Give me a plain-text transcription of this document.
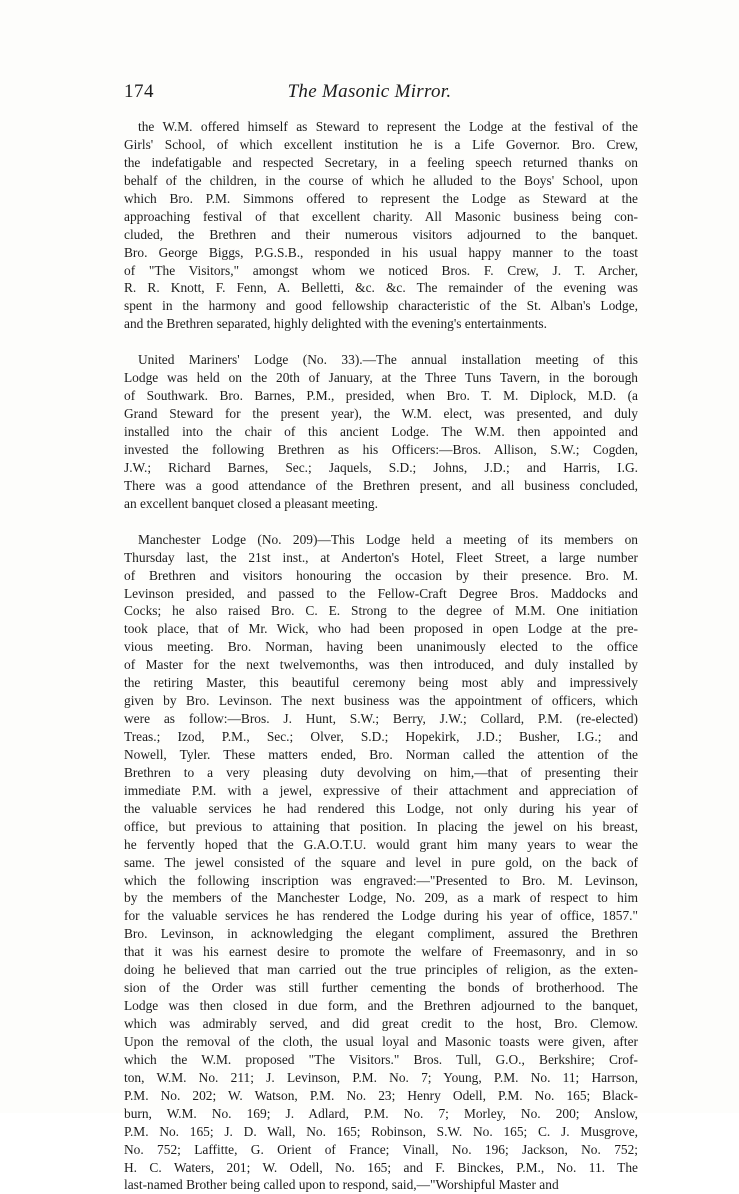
174	The Masonic Mirror.
the W.M. offered himself as Steward to represent the Lodge at the festival of the
Girls' School, of which excellent institution he is a Life Governor. Bro. Crew,
the indefatigable and respected Secretary, in a feeling speech returned thanks on
behalf of the children, in the course of which he alluded to the Boys' School, upon
which Bro. P.M. Simmons offered to represent the Lodge as Steward at the
approaching festival of that excellent charity. All Masonic business being con-
cluded, the Brethren and their numerous visitors adjourned to the banquet.
Bro. George Biggs, P.G.S.B., responded in his usual happy manner to the toast
of "The Visitors," amongst whom we noticed Bros. F. Crew, J. T. Archer,
R. R. Knott, F. Fenn, A. Belletti, &c. &c. The remainder of the evening was
spent in the harmony and good fellowship characteristic of the St. Alban's Lodge,
and the Brethren separated, highly delighted with the evening's entertainments.
United Mariners' Lodge (No. 33).—The annual installation meeting of this
Lodge was held on the 20th of January, at the Three Tuns Tavern, in the borough
of Southwark. Bro. Barnes, P.M., presided, when Bro. T. M. Diplock, M.D. (a
Grand Steward for the present year), the W.M. elect, was presented, and duly
installed into the chair of this ancient Lodge. The W.M. then appointed and
invested the following Brethren as his Officers:—Bros. Allison, S.W.; Cogden,
J.W.; Richard Barnes, Sec.; Jaquels, S.D.; Johns, J.D.; and Harris, I.G.
There was a good attendance of the Brethren present, and all business concluded,
an excellent banquet closed a pleasant meeting.
Manchester Lodge (No. 209)—This Lodge held a meeting of its members on
Thursday last, the 21st inst., at Anderton's Hotel, Fleet Street, a large number
of Brethren and visitors honouring the occasion by their presence. Bro. M.
Levinson presided, and passed to the Fellow-Craft Degree Bros. Maddocks and
Cocks; he also raised Bro. C. E. Strong to the degree of M.M. One initiation
took place, that of Mr. Wick, who had been proposed in open Lodge at the pre-
vious meeting. Bro. Norman, having been unanimously elected to the office
of Master for the next twelvemonths, was then introduced, and duly installed by
the retiring Master, this beautiful ceremony being most ably and impressively
given by Bro. Levinson. The next business was the appointment of officers, which
were as follow:—Bros. J. Hunt, S.W.; Berry, J.W.; Collard, P.M. (re-elected)
Treas.; Izod, P.M., Sec.; Olver, S.D.; Hopekirk, J.D.; Busher, I.G.; and
Nowell, Tyler. These matters ended, Bro. Norman called the attention of the
Brethren to a very pleasing duty devolving on him,—that of presenting their
immediate P.M. with a jewel, expressive of their attachment and appreciation of
the valuable services he had rendered this Lodge, not only during his year of
office, but previous to attaining that position. In placing the jewel on his breast,
he fervently hoped that the G.A.O.T.U. would grant him many years to wear the
same. The jewel consisted of the square and level in pure gold, on the back of
which the following inscription was engraved:—"Presented to Bro. M. Levinson,
by the members of the Manchester Lodge, No. 209, as a mark of respect to him
for the valuable services he has rendered the Lodge during his year of office, 1857."
Bro. Levinson, in acknowledging the elegant compliment, assured the Brethren
that it was his earnest desire to promote the welfare of Freemasonry, and in so
doing he believed that man carried out the true principles of religion, as the exten-
sion of the Order was still further cementing the bonds of brotherhood. The
Lodge was then closed in due form, and the Brethren adjourned to the banquet,
which was admirably served, and did great credit to the host, Bro. Clemow.
Upon the removal of the cloth, the usual loyal and Masonic toasts were given, after
which the W.M. proposed "The Visitors." Bros. Tull, G.O., Berkshire; Crof-
ton, W.M. No. 211; J. Levinson, P.M. No. 7; Young, P.M. No. 11; Harrson,
P.M. No. 202; W. Watson, P.M. No. 23; Henry Odell, P.M. No. 165; Black-
burn, W.M. No. 169; J. Adlard, P.M. No. 7; Morley, No. 200; Anslow,
P.M. No. 165; J. D. Wall, No. 165; Robinson, S.W. No. 165; C. J. Musgrove,
No. 752; Laffitte, G. Orient of France; Vinall, No. 196; Jackson, No. 752;
H. C. Waters, 201; W. Odell, No. 165; and F. Binckes, P.M., No. 11. The
last-named Brother being called upon to respond, said,—"Worshipful Master and
